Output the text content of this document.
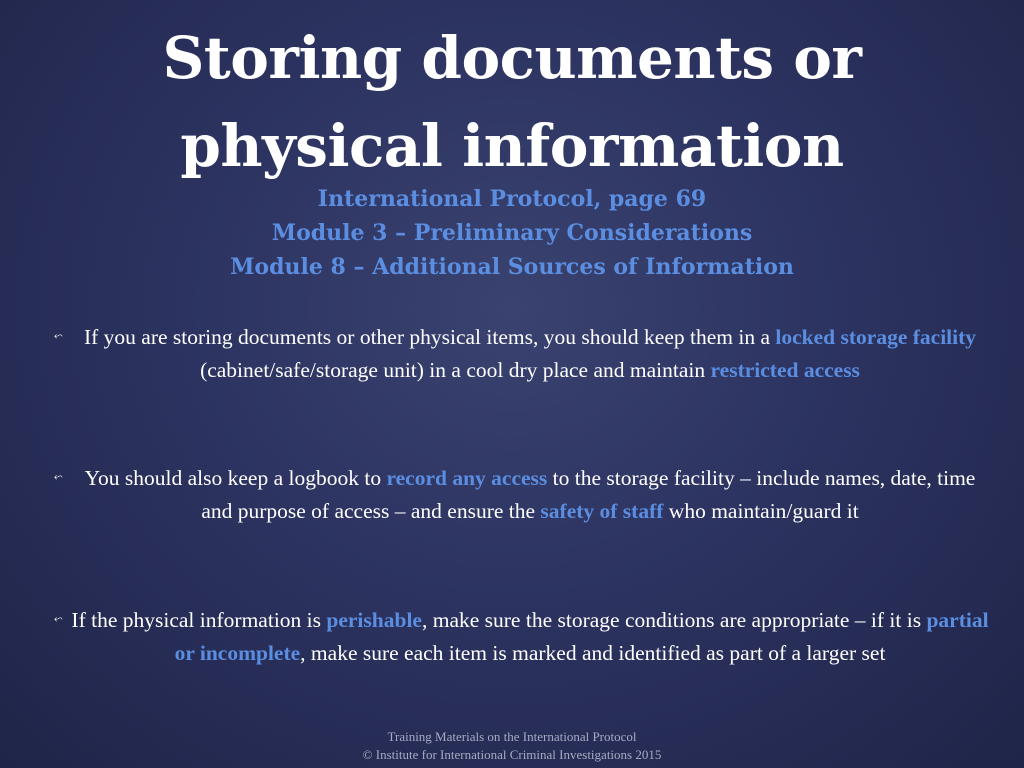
Storing documents or
physical information
International Protocol, page 69
Module 3 – Preliminary Considerations
Module 8 – Additional Sources of Information
⬿ If you are storing documents or other physical items, you should keep them in a locked storage facility (cabinet/safe/storage unit) in a cool dry place and maintain restricted access
⬿ You should also keep a logbook to record any access to the storage facility – include names, date, time and purpose of access – and ensure the safety of staff who maintain/guard it
⬿ If the physical information is perishable, make sure the storage conditions are appropriate – if it is partial or incomplete, make sure each item is marked and identified as part of a larger set
Training Materials on the International Protocol
© Institute for International Criminal Investigations 2015
